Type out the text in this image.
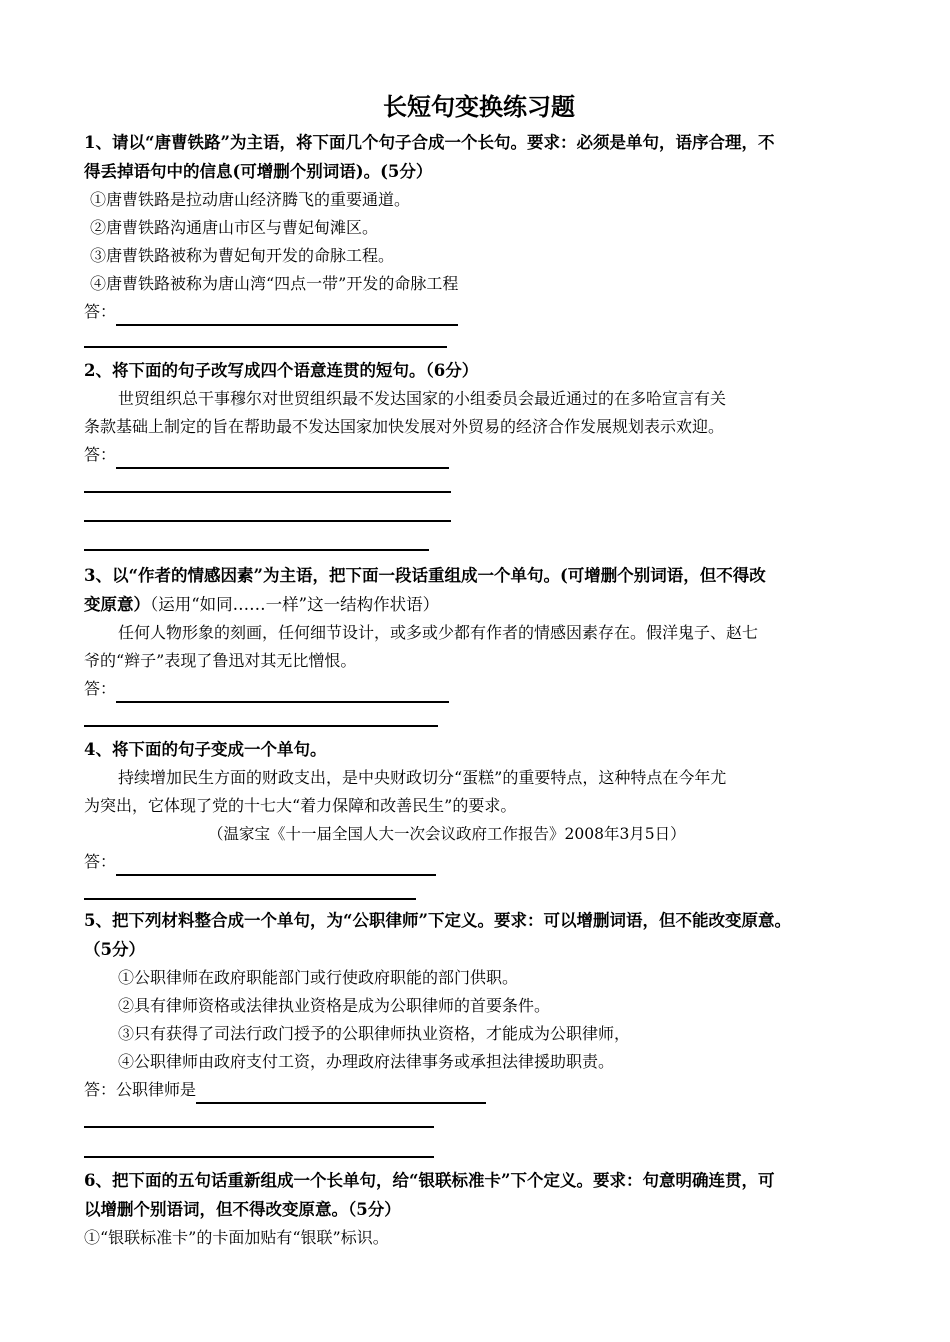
长短句变换练习题

1、请以“唐曹铁路”为主语，将下面几个句子合成一个长句。要求：必须是单句，语序合理，不

得丢掉语句中的信息(可增删个别词语)。(5分）

①唐曹铁路是拉动唐山经济腾飞的重要通道。

②唐曹铁路沟通唐山市区与曹妃甸滩区。

③唐曹铁路被称为曹妃甸开发的命脉工程。

④唐曹铁路被称为唐山湾“四点一带”开发的命脉工程

答：

2、将下面的句子改写成四个语意连贯的短句。（6分）

世贸组织总干事穆尔对世贸组织最不发达国家的小组委员会最近通过的在多哈宣言有关

条款基础上制定的旨在帮助最不发达国家加快发展对外贸易的经济合作发展规划表示欢迎。

答：

3、以“作者的情感因素”为主语，把下面一段话重组成一个单句。(可增删个别词语，但不得改

变原意）（运用“如同……一样”这一结构作状语）

任何人物形象的刻画，任何细节设计，或多或少都有作者的情感因素存在。假洋鬼子、赵七

爷的“辫子”表现了鲁迅对其无比憎恨。

答：

4、将下面的句子变成一个单句。

持续增加民生方面的财政支出，是中央财政切分“蛋糕”的重要特点，这种特点在今年尤

为突出，它体现了党的十七大“着力保障和改善民生”的要求。

（温家宝《十一届全国人大一次会议政府工作报告》2008年3月5日）

答：

5、把下列材料整合成一个单句，为“公职律师”下定义。要求：可以增删词语，但不能改变原意。

（5分）

①公职律师在政府职能部门或行使政府职能的部门供职。

②具有律师资格或法律执业资格是成为公职律师的首要条件。

③只有获得了司法行政门授予的公职律师执业资格，才能成为公职律师，

④公职律师由政府支付工资，办理政府法律事务或承担法律援助职责。

答：公职律师是

6、把下面的五句话重新组成一个长单句，给“银联标准卡”下个定义。要求：句意明确连贯，可

以增删个别语词，但不得改变原意。（5分）

①“银联标准卡”的卡面加贴有“银联”标识。
